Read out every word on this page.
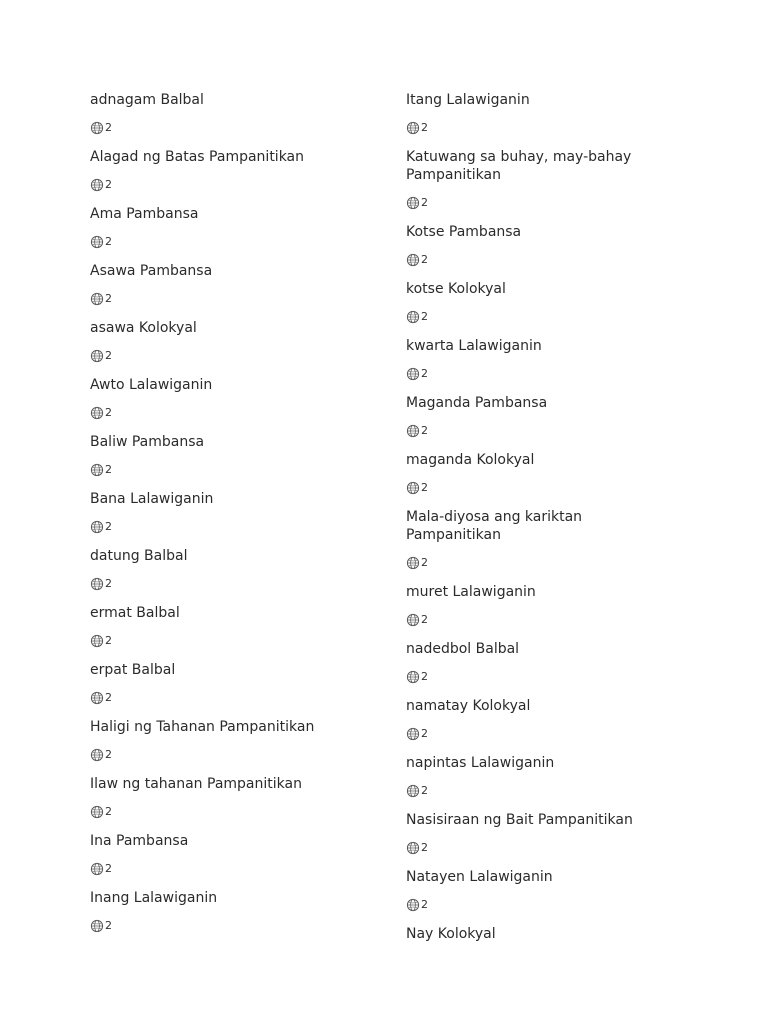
adnagam Balbal
2
Alagad ng Batas Pampanitikan
2
Ama Pambansa
2
Asawa Pambansa
2
asawa Kolokyal
2
Awto Lalawiganin
2
Baliw Pambansa
2
Bana Lalawiganin
2
datung Balbal
2
ermat Balbal
2
erpat Balbal
2
Haligi ng Tahanan Pampanitikan
2
Ilaw ng tahanan Pampanitikan
2
Ina Pambansa
2
Inang Lalawiganin
2
Itang Lalawiganin
2
Katuwang sa buhay, may-bahay Pampanitikan
2
Kotse Pambansa
2
kotse Kolokyal
2
kwarta Lalawiganin
2
Maganda Pambansa
2
maganda Kolokyal
2
Mala-diyosa ang kariktan Pampanitikan
2
muret Lalawiganin
2
nadedbol Balbal
2
namatay Kolokyal
2
napintas Lalawiganin
2
Nasisiraan ng Bait Pampanitikan
2
Natayen Lalawiganin
2
Nay Kolokyal
